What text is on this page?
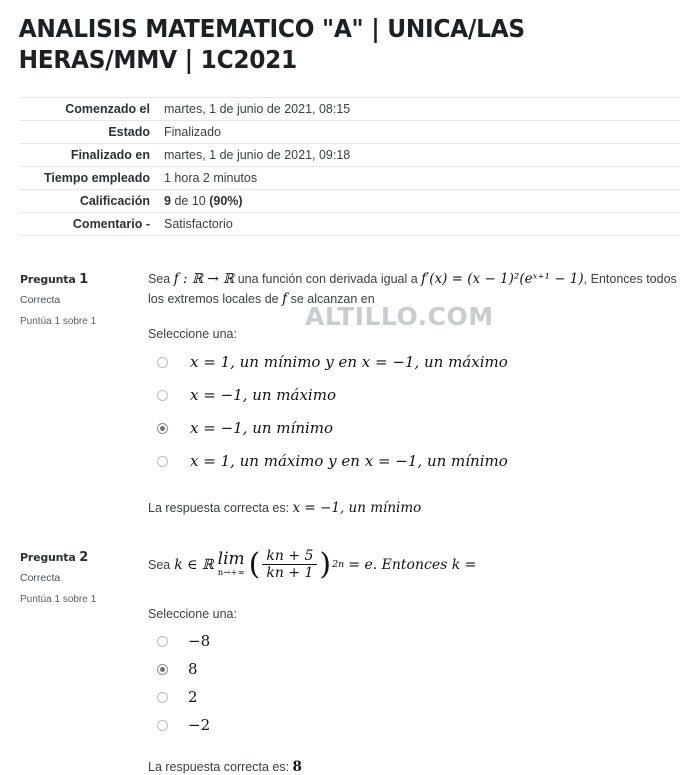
ANALISIS MATEMATICO "A" | UNICA/LAS HERAS/MMV | 1C2021
Comenzado el	martes, 1 de junio de 2021, 08:15
Estado	Finalizado
Finalizado en	martes, 1 de junio de 2021, 09:18
Tiempo empleado	1 hora 2 minutos
Calificación	9 de 10 (90%)
Comentario -	Satisfactorio
Pregunta 1
Correcta
Puntúa 1 sobre 1
Sea f : ℝ → ℝ una función con derivada igual a f′(x) = (x − 1)²(eˣ⁺¹ − 1), Entonces todos los extremos locales de f se alcanzan en
Seleccione una:
x = 1, un mínimo y en x = −1, un máximo
x = −1, un máximo
x = −1, un mínimo
x = 1, un máximo y en x = −1, un mínimo
La respuesta correcta es: x = −1, un mínimo
Pregunta 2
Correcta
Puntúa 1 sobre 1
Sea k ∈ ℝ lim
n→+∞ ( $\frac{kn + 5}{kn + 1}$ ) 2n = e . Entonces k =
Seleccione una:
−8
8
2
−2
La respuesta correcta es: 8
ALTILLO.COM
